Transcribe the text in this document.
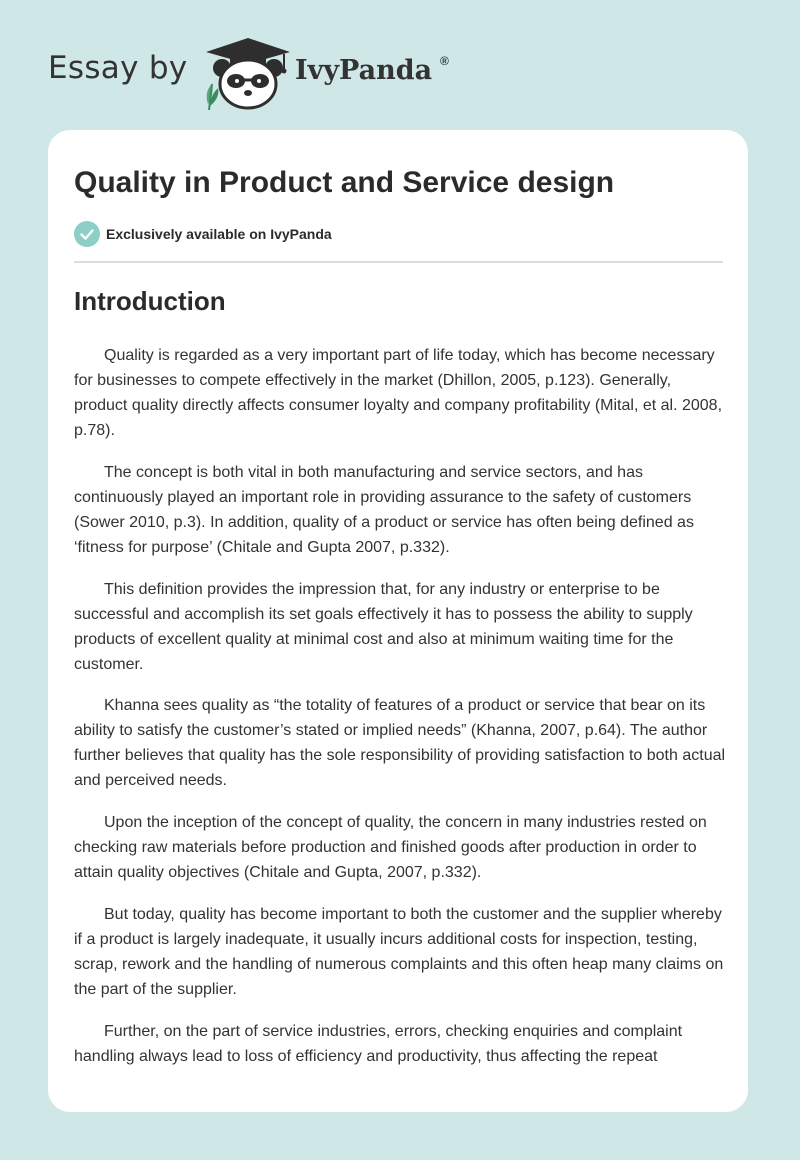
Essay by	IvyPanda ®
Quality in Product and Service design
Exclusively available on IvyPanda
Introduction

Quality is regarded as a very important part of life today, which has become necessary for businesses to compete effectively in the market (Dhillon, 2005, p.123). Generally, product quality directly affects consumer loyalty and company profitability (Mital, et al. 2008, p.78).

The concept is both vital in both manufacturing and service sectors, and has continuously played an important role in providing assurance to the safety of customers (Sower 2010, p.3). In addition, quality of a product or service has often being defined as ‘fitness for purpose’ (Chitale and Gupta 2007, p.332).

This definition provides the impression that, for any industry or enterprise to be successful and accomplish its set goals effectively it has to possess the ability to supply products of excellent quality at minimal cost and also at minimum waiting time for the customer.

Khanna sees quality as “the totality of features of a product or service that bear on its ability to satisfy the customer’s stated or implied needs” (Khanna, 2007, p.64). The author further believes that quality has the sole responsibility of providing satisfaction to both actual and perceived needs.

Upon the inception of the concept of quality, the concern in many industries rested on checking raw materials before production and finished goods after production in order to attain quality objectives (Chitale and Gupta, 2007, p.332).

But today, quality has become important to both the customer and the supplier whereby if a product is largely inadequate, it usually incurs additional costs for inspection, testing, scrap, rework and the handling of numerous complaints and this often heap many claims on the part of the supplier.

Further, on the part of service industries, errors, checking enquiries and complaint handling always lead to loss of efficiency and productivity, thus affecting the repeat
